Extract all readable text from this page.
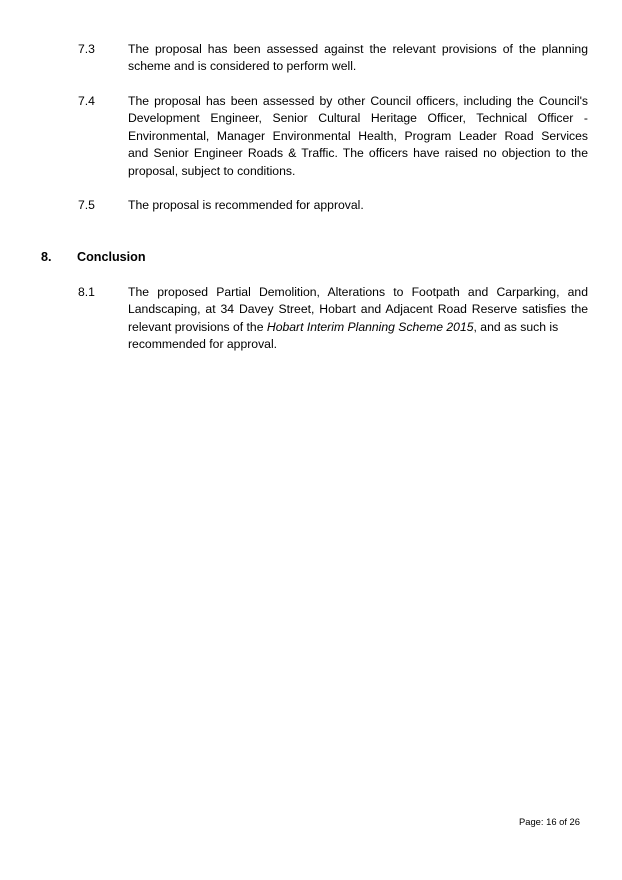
7.3	The proposal has been assessed against the relevant provisions of the planning
scheme and is considered to perform well.
7.4	The proposal has been assessed by other Council officers, including the Council's
Development Engineer, Senior Cultural Heritage Officer, Technical Officer -
Environmental, Manager Environmental Health, Program Leader Road Services
and Senior Engineer Roads & Traffic. The officers have raised no objection to the
proposal, subject to conditions.
7.5	The proposal is recommended for approval.
8. Conclusion
8.1	The proposed Partial Demolition, Alterations to Footpath and Carparking, and
Landscaping, at 34 Davey Street, Hobart and Adjacent Road Reserve satisfies the
relevant provisions of the Hobart Interim Planning Scheme 2015, and as such is
recommended for approval.
Page: 16 of 26
